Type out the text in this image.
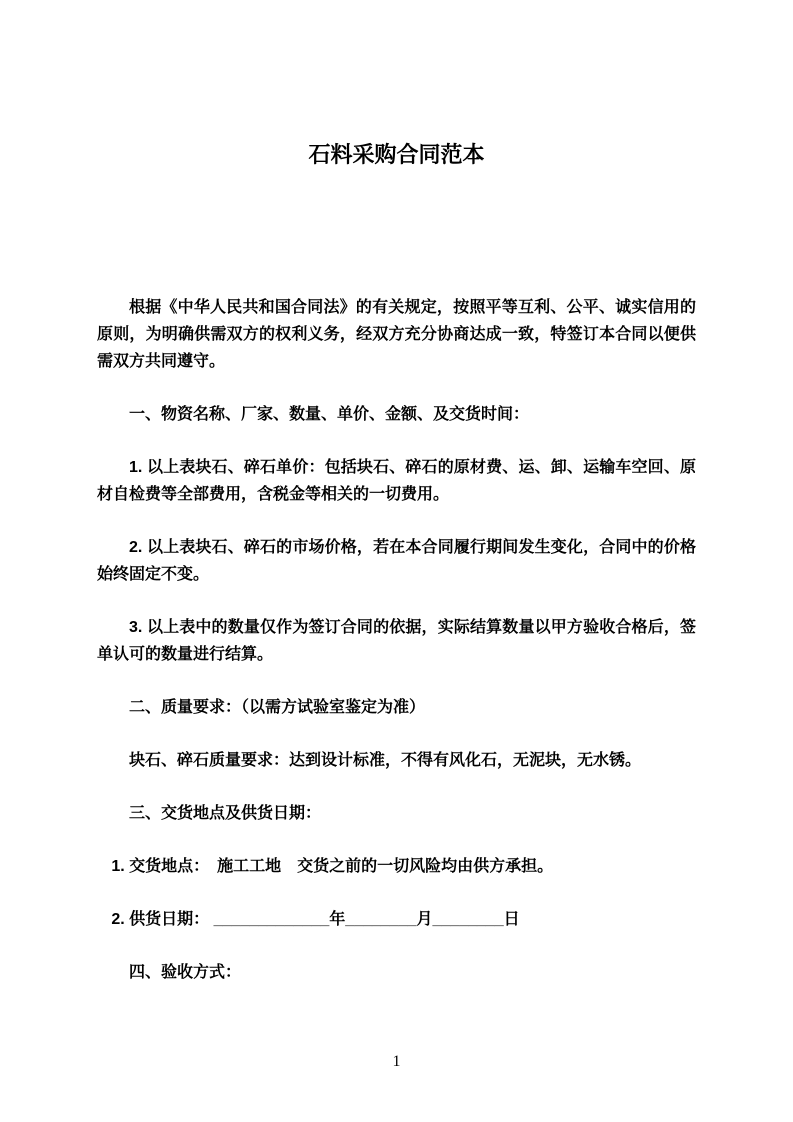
石料采购合同范本

根据《中华人民共和国合同法》的有关规定，按照平等互利、公平、诚实信用的原则，为明确供需双方的权利义务，经双方充分协商达成一致，特签订本合同以便供需双方共同遵守。

一、物资名称、厂家、数量、单价、金额、及交货时间：

1. 以上表块石、碎石单价：包括块石、碎石的原材费、运、卸、运输车空回、原材自检费等全部费用，含税金等相关的一切费用。

2. 以上表块石、碎石的市场价格，若在本合同履行期间发生变化，合同中的价格始终固定不变。

3. 以上表中的数量仅作为签订合同的依据，实际结算数量以甲方验收合格后，签单认可的数量进行结算。

二、质量要求：（以需方试验室鉴定为准）

块石、碎石质量要求：达到设计标准，不得有风化石，无泥块，无水锈。

三、交货地点及供货日期：

1. 交货地点：　施工工地　交货之前的一切风险均由供方承担。

2. 供货日期： _____________年________月________日

四、验收方式：

1
